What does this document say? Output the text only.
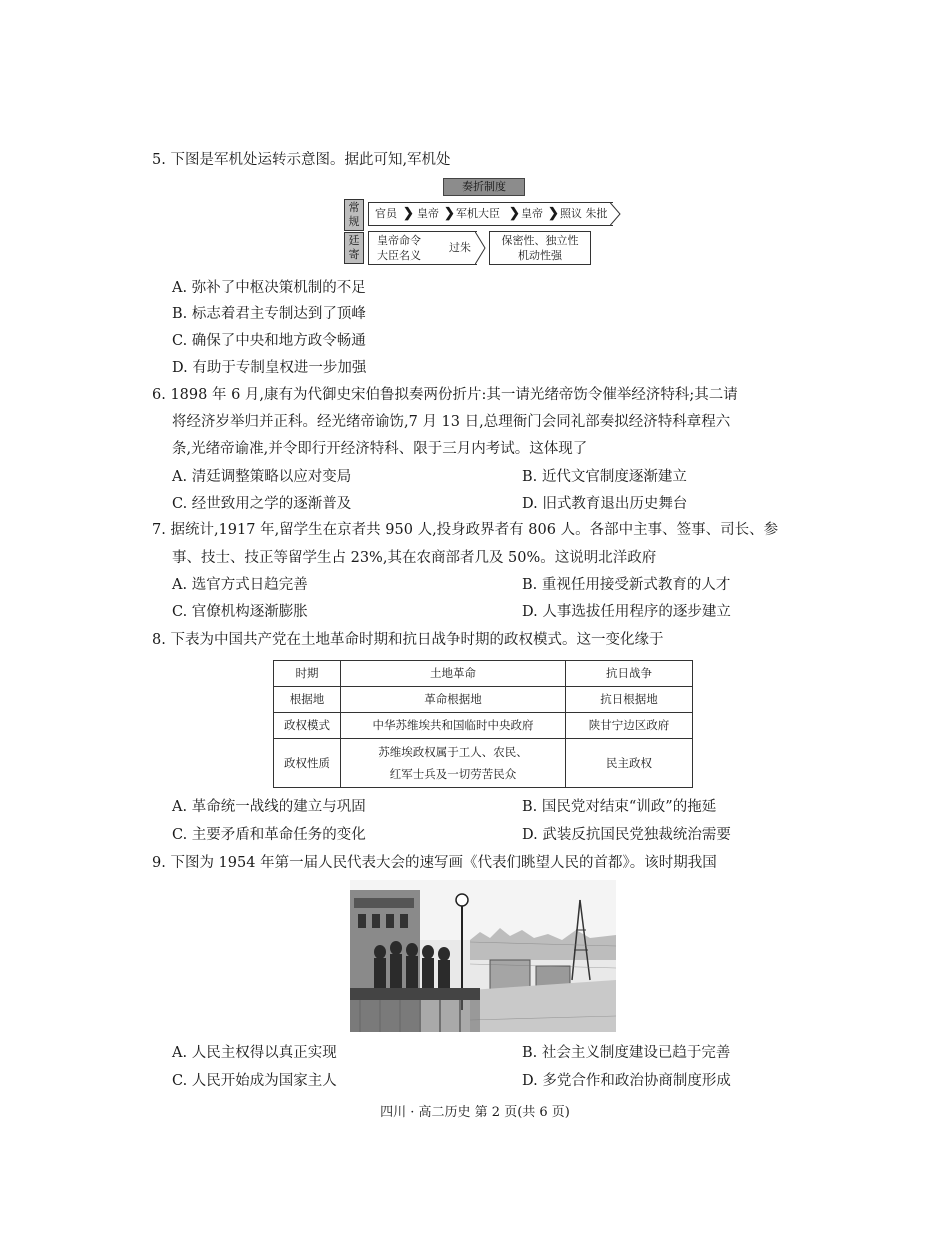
5. 下图是军机处运转示意图。据此可知,军机处
奏折制度
常规
官员 ❯ 皇帝 ❯ 军机大臣 ❯ 皇帝 ❯ 照议 朱批
廷寄
皇帝命令
大臣名义
过朱
保密性、独立性
机动性强
A. 弥补了中枢决策机制的不足
B. 标志着君主专制达到了顶峰
C. 确保了中央和地方政令畅通
D. 有助于专制皇权进一步加强
6. 1898 年 6 月,康有为代御史宋伯鲁拟奏两份折片:其一请光绪帝饬令催举经济特科;其二请
将经济岁举归并正科。经光绪帝谕饬,7 月 13 日,总理衙门会同礼部奏拟经济特科章程六
条,光绪帝谕准,并令即行开经济特科、限于三月内考试。这体现了
A. 清廷调整策略以应对变局	B. 近代文官制度逐渐建立
C. 经世致用之学的逐渐普及	D. 旧式教育退出历史舞台
7. 据统计,1917 年,留学生在京者共 950 人,投身政界者有 806 人。各部中主事、签事、司长、参
事、技士、技正等留学生占 23%,其在农商部者几及 50%。这说明北洋政府
A. 选官方式日趋完善	B. 重视任用接受新式教育的人才
C. 官僚机构逐渐膨胀	D. 人事选拔任用程序的逐步建立
8. 下表为中国共产党在土地革命时期和抗日战争时期的政权模式。这一变化缘于
时期	土地革命	抗日战争
根据地	革命根据地	抗日根据地
政权模式	中华苏维埃共和国临时中央政府	陕甘宁边区政府
政权性质	苏维埃政权属于工人、农民、
红军士兵及一切劳苦民众	民主政权
A. 革命统一战线的建立与巩固	B. 国民党对结束“训政”的拖延
C. 主要矛盾和革命任务的变化	D. 武装反抗国民党独裁统治需要
9. 下图为 1954 年第一届人民代表大会的速写画《代表们眺望人民的首都》。该时期我国
A. 人民主权得以真正实现	B. 社会主义制度建设已趋于完善
C. 人民开始成为国家主人	D. 多党合作和政治协商制度形成
四川 · 高二历史 第 2 页(共 6 页)
